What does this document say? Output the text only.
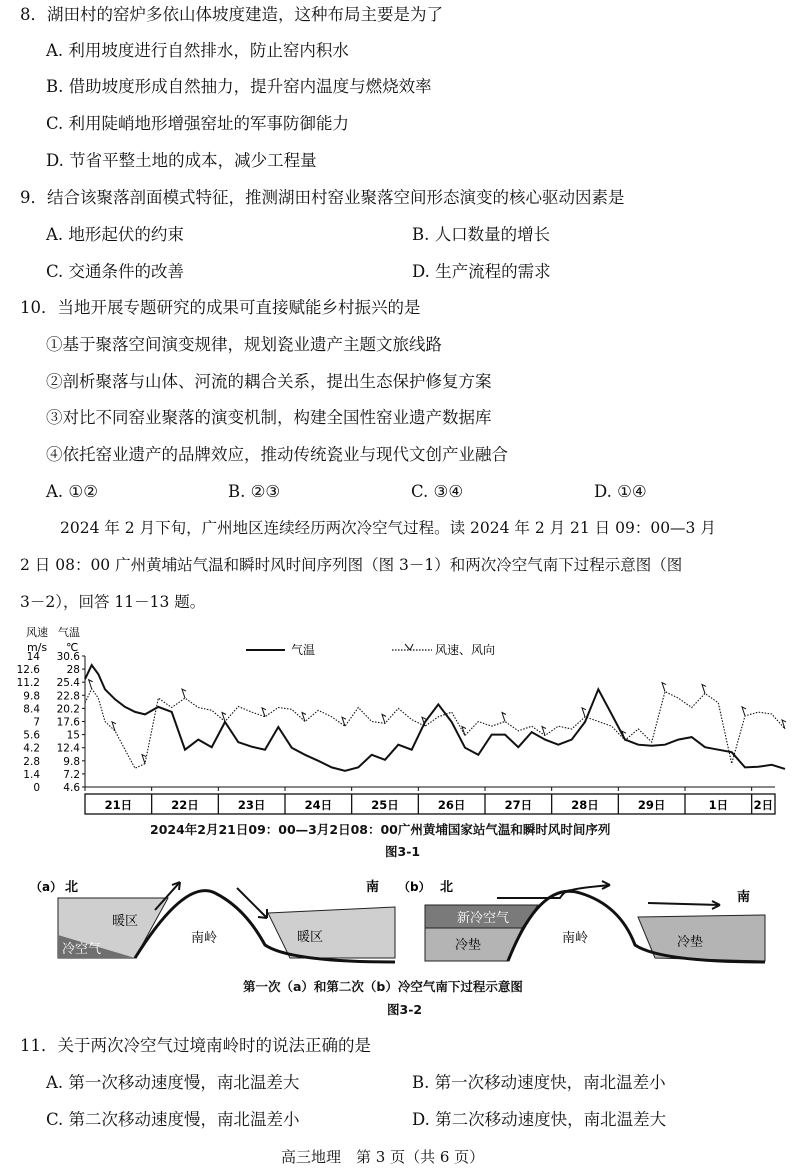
8．湖田村的窑炉多依山体坡度建造，这种布局主要是为了
A. 利用坡度进行自然排水，防止窑内积水
B. 借助坡度形成自然抽力，提升窑内温度与燃烧效率
C. 利用陡峭地形增强窑址的军事防御能力
D. 节省平整土地的成本，减少工程量
9．结合该聚落剖面模式特征，推测湖田村窑业聚落空间形态演变的核心驱动因素是
A. 地形起伏的约束	B. 人口数量的增长
C. 交通条件的改善	D. 生产流程的需求
10．当地开展专题研究的成果可直接赋能乡村振兴的是
①基于聚落空间演变规律，规划瓷业遗产主题文旅线路
②剖析聚落与山体、河流的耦合关系，提出生态保护修复方案
③对比不同窑业聚落的演变机制，构建全国性窑业遗产数据库
④依托窑业遗产的品牌效应，推动传统瓷业与现代文创产业融合
A. ①②	B. ②③	C. ③④	D. ①④
2024 年 2 月下旬，广州地区连续经历两次冷空气过程。读 2024 年 2 月 21 日 09：00—3 月
2 日 08：00 广州黄埔站气温和瞬时风时间序列图（图 3－1）和两次冷空气南下过程示意图（图
3－2），回答 11－13 题。
风速
m/s
气温
℃	气温	风速、风向
0 4.6
1.4 7.2
2.8 9.8
4.2 12.4
5.6	15
7 17.6
8.4 20.2
9.8 22.8
11.2 25.4
12.6	28
14 30.6
21日	22日	23日	24日	25日	26日	27日	28日	29日	1日 2日
2024年2月21日09：00—3月2日08：00广州黄埔国家站气温和瞬时风时间序列
图3-1
（a） 北	南
暖区
冷空气
南岭	暖区
（b） 北
南
新冷空气
冷垫	南岭	冷垫
第一次（a）和第二次（b）冷空气南下过程示意图
图3-2
11．关于两次冷空气过境南岭时的说法正确的是
A. 第一次移动速度慢，南北温差大	B. 第一次移动速度快，南北温差小
C. 第二次移动速度慢，南北温差小	D. 第二次移动速度快，南北温差大
高三地理　第 3 页（共 6 页）
